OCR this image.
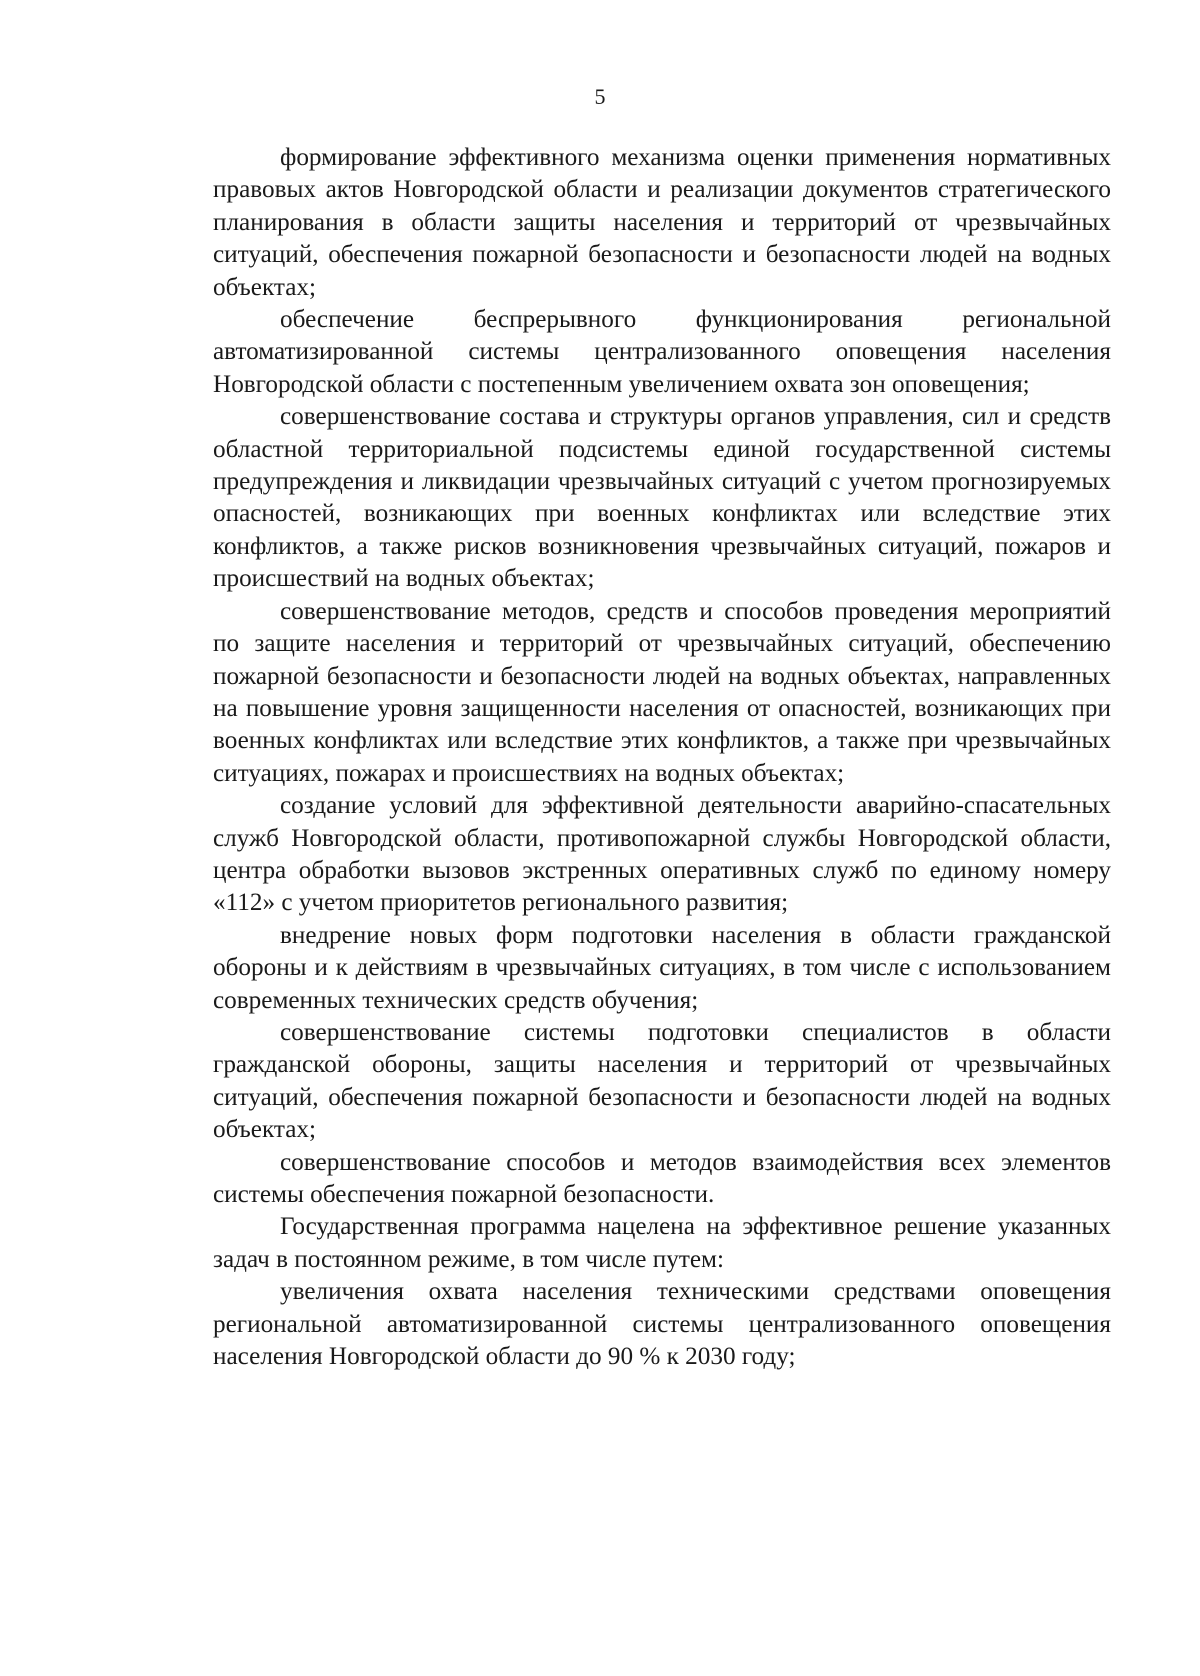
5

формирование эффективного механизма оценки применения нормативных правовых актов Новгородской области и реализации документов стратегического планирования в области защиты населения и территорий от чрезвычайных ситуаций, обеспечения пожарной безопасности и безопасности людей на водных объектах;

обеспечение беспрерывного функционирования региональной автоматизированной системы централизованного оповещения населения Новгородской области с постепенным увеличением охвата зон оповещения;

совершенствование состава и структуры органов управления, сил и средств областной территориальной подсистемы единой государственной системы предупреждения и ликвидации чрезвычайных ситуаций с учетом прогнозируемых опасностей, возникающих при военных конфликтах или вследствие этих конфликтов, а также рисков возникновения чрезвычайных ситуаций, пожаров и происшествий на водных объектах;

совершенствование методов, средств и способов проведения мероприятий по защите населения и территорий от чрезвычайных ситуаций, обеспечению пожарной безопасности и безопасности людей на водных объектах, направленных на повышение уровня защищенности населения от опасностей, возникающих при военных конфликтах или вследствие этих конфликтов, а также при чрезвычайных ситуациях, пожарах и происшествиях на водных объектах;

создание условий для эффективной деятельности аварийно-спасательных служб Новгородской области, противопожарной службы Новгородской области, центра обработки вызовов экстренных оперативных служб по единому номеру «112» с учетом приоритетов регионального развития;

внедрение новых форм подготовки населения в области гражданской обороны и к действиям в чрезвычайных ситуациях, в том числе с использованием современных технических средств обучения;

совершенствование системы подготовки специалистов в области гражданской обороны, защиты населения и территорий от чрезвычайных ситуаций, обеспечения пожарной безопасности и безопасности людей на водных объектах;

совершенствование способов и методов взаимодействия всех элементов системы обеспечения пожарной безопасности.

Государственная программа нацелена на эффективное решение указанных задач в постоянном режиме, в том числе путем:

увеличения охвата населения техническими средствами оповещения региональной автоматизированной системы централизованного оповещения населения Новгородской области до 90 % к 2030 году;
